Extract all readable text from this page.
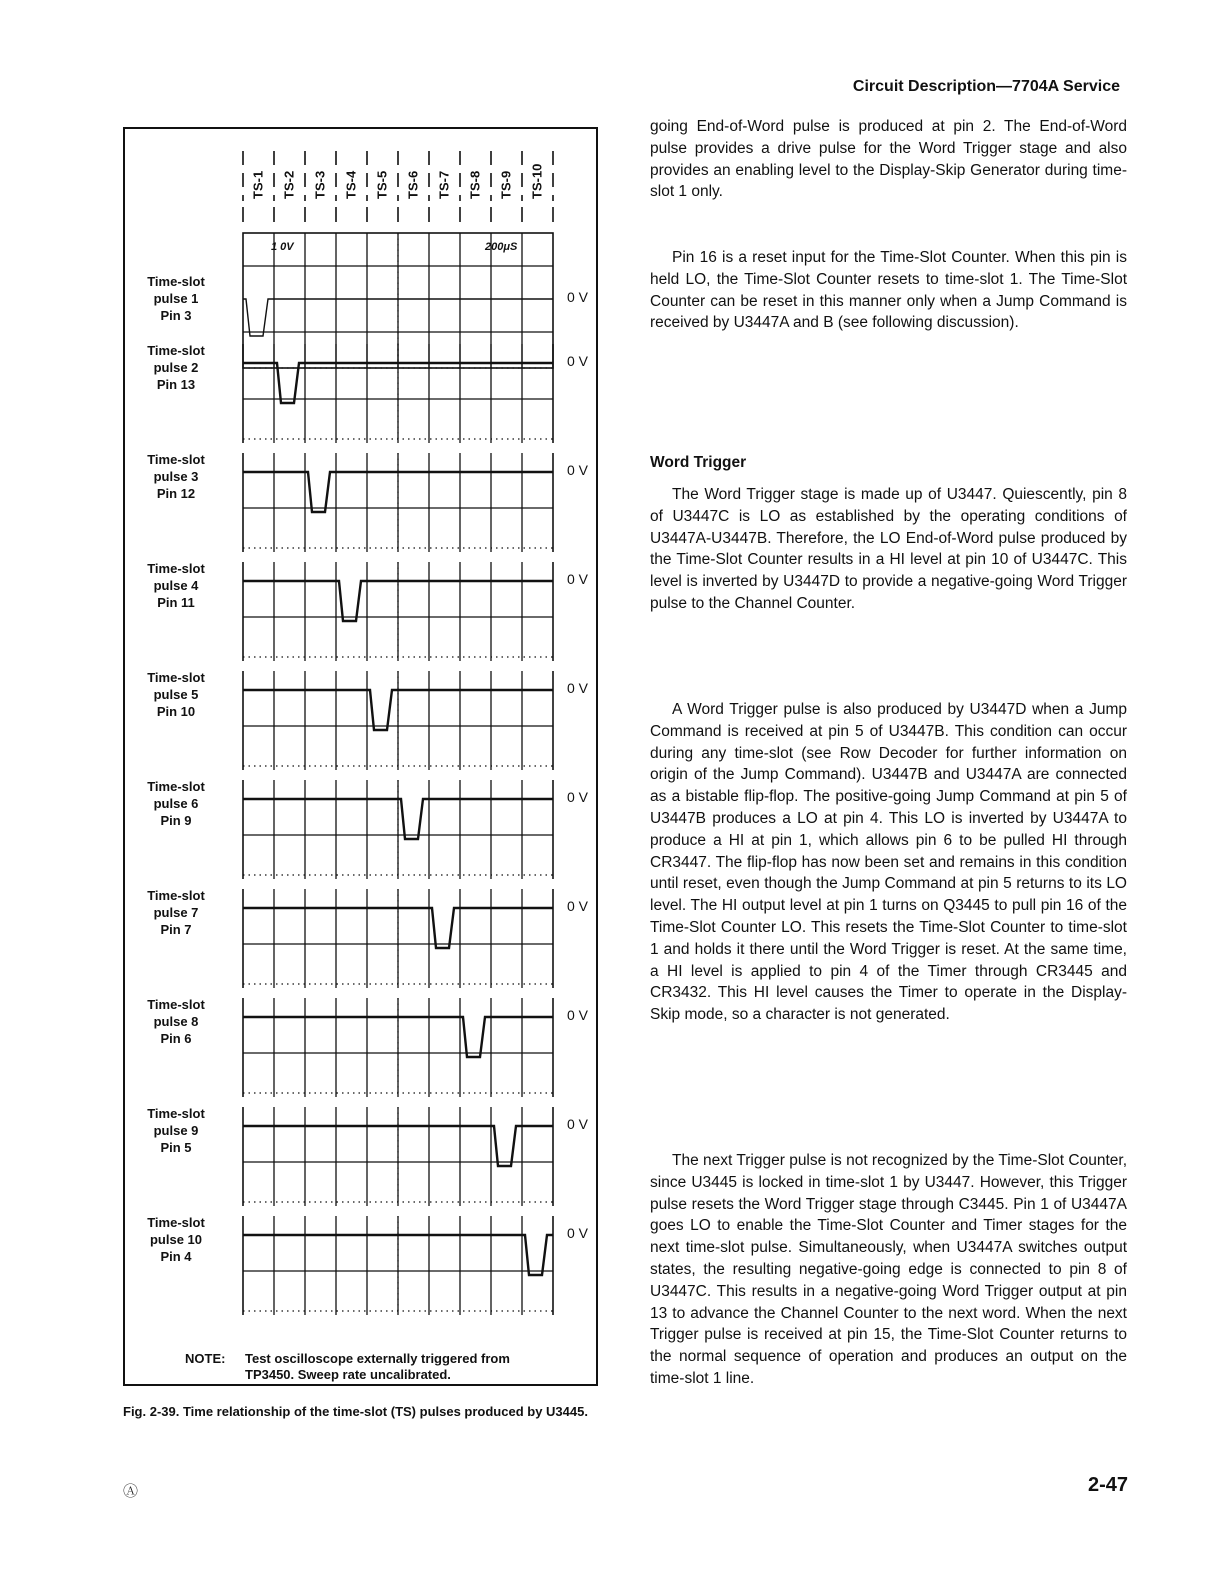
Circuit Description—7704A Service
TS-1 TS-2 TS-3 TS-4 TS-5 TS-6 TS-7 TS-8 TS-9 TS-10
1 0V	200μS
0 V
Time-slot
pulse 1
Pin 3
0 V
Time-slot
pulse 2
Pin 13
0 V
Time-slot
pulse 3
Pin 12
0 V
Time-slot
pulse 4
Pin 11
0 V
Time-slot
pulse 5
Pin 10
0 V
Time-slot
pulse 6
Pin 9
0 V
Time-slot
pulse 7
Pin 7
0 V
Time-slot
pulse 8
Pin 6
0 V
Time-slot
pulse 9
Pin 5
0 V
Time-slot
pulse 10
Pin 4
NOTE: Test oscilloscope externally triggered from
TP3450. Sweep rate uncalibrated.
Fig. 2-39. Time relationship of the time-slot (TS) pulses produced by U3445.

going End-of-Word pulse is produced at pin 2. The End-of-Word pulse provides a drive pulse for the Word Trigger stage and also provides an enabling level to the Display-Skip Generator during time-slot 1 only.

Pin 16 is a reset input for the Time-Slot Counter. When this pin is held LO, the Time-Slot Counter resets to time-slot 1. The Time-Slot Counter can be reset in this manner only when a Jump Command is received by U3447A and B (see following discussion).

Word Trigger

The Word Trigger stage is made up of U3447. Quiescently, pin 8 of U3447C is LO as established by the operating conditions of U3447A-U3447B. Therefore, the LO End-of-Word pulse produced by the Time-Slot Counter results in a HI level at pin 10 of U3447C. This level is inverted by U3447D to provide a negative-going Word Trigger pulse to the Channel Counter.

A Word Trigger pulse is also produced by U3447D when a Jump Command is received at pin 5 of U3447B. This condition can occur during any time-slot (see Row Decoder for further information on origin of the Jump Command). U3447B and U3447A are connected as a bistable flip-flop. The positive-going Jump Command at pin 5 of U3447B produces a LO at pin 4. This LO is inverted by U3447A to produce a HI at pin 1, which allows pin 6 to be pulled HI through CR3447. The flip-flop has now been set and remains in this condition until reset, even though the Jump Command at pin 5 returns to its LO level. The HI output level at pin 1 turns on Q3445 to pull pin 16 of the Time-Slot Counter LO. This resets the Time-Slot Counter to time-slot 1 and holds it there until the Word Trigger is reset. At the same time, a HI level is applied to pin 4 of the Timer through CR3445 and CR3432. This HI level causes the Timer to operate in the Display-Skip mode, so a character is not generated.

The next Trigger pulse is not recognized by the Time-Slot Counter, since U3445 is locked in time-slot 1 by U3447. However, this Trigger pulse resets the Word Trigger stage through C3445. Pin 1 of U3447A goes LO to enable the Time-Slot Counter and Timer stages for the next time-slot pulse. Simultaneously, when U3447A switches output states, the resulting negative-going edge is connected to pin 8 of U3447C. This results in a negative-going Word Trigger output at pin 13 to advance the Channel Counter to the next word. When the next Trigger pulse is received at pin 15, the Time-Slot Counter returns to the normal sequence of operation and produces an output on the time-slot 1 line.

Ⓐ	2-47
